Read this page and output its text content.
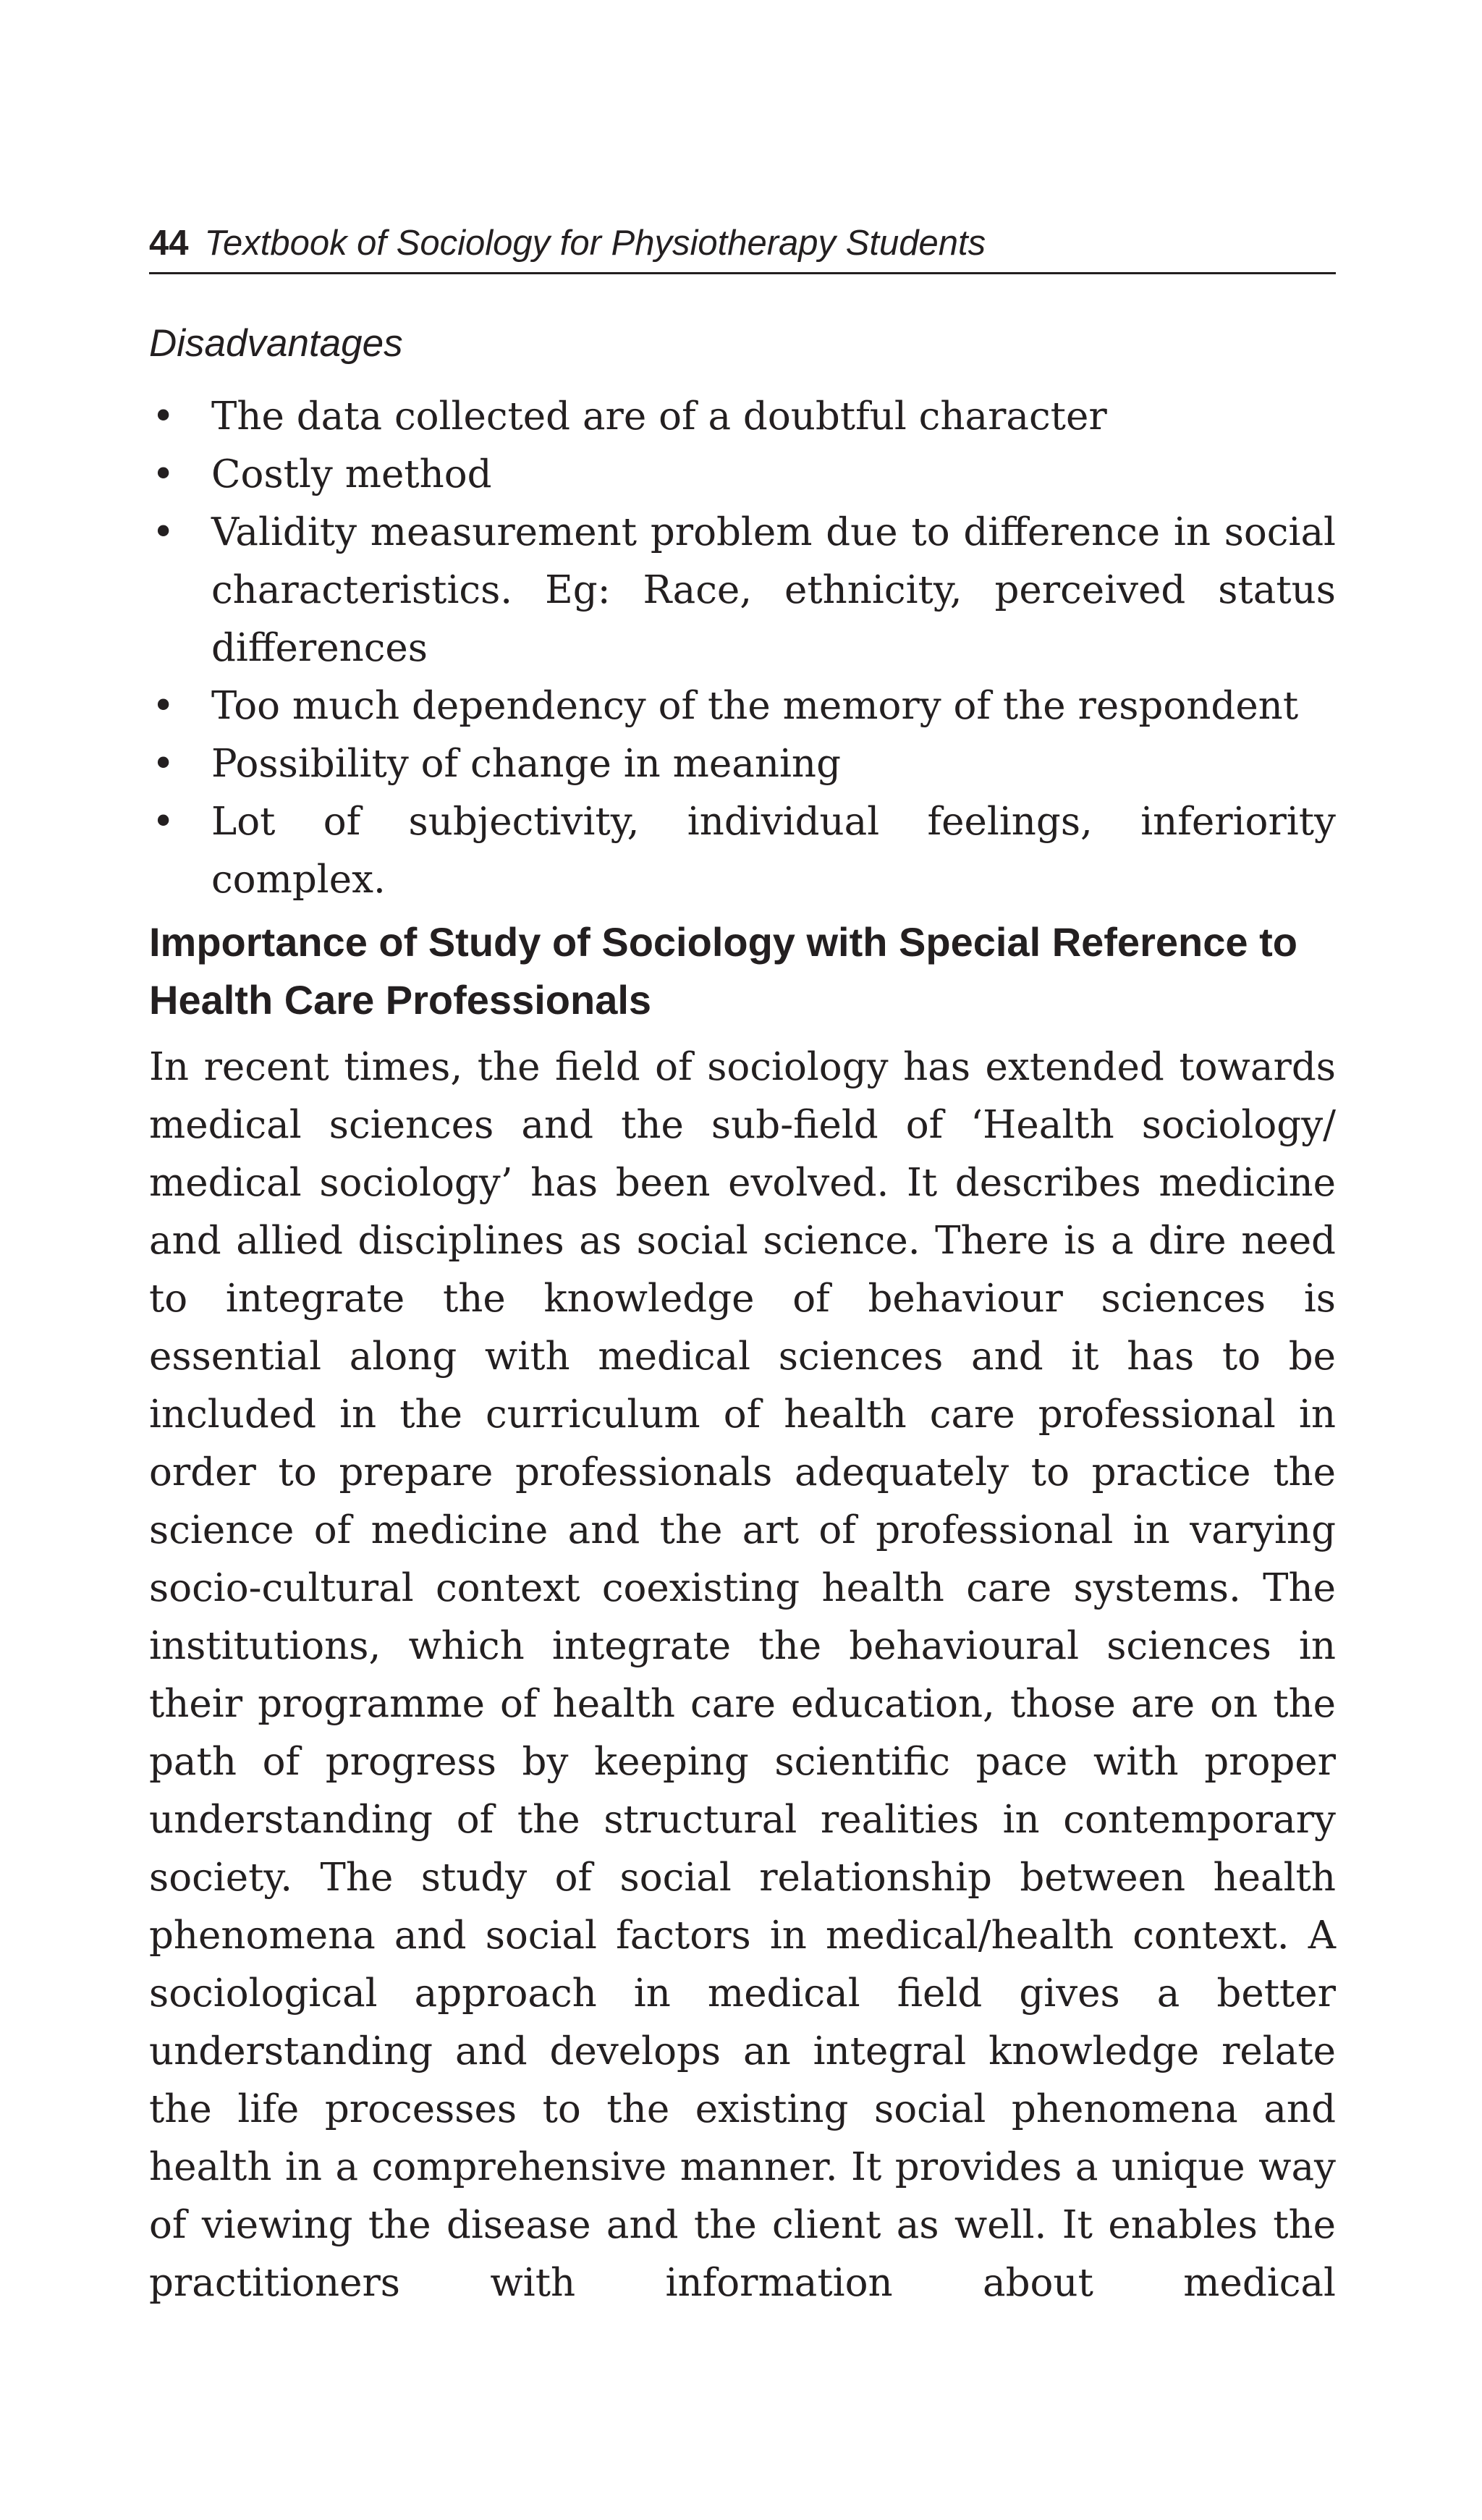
44 Textbook of Sociology for Physiotherapy Students
Disadvantages
• The data collected are of a doubtful character
• Costly method
• Validity measurement problem due to difference in social characteristics. Eg: Race, ethnicity, perceived status differences
• Too much dependency of the memory of the respondent
• Possibility of change in meaning
• Lot of subjectivity, individual feelings, inferiority complex.
Importance of Study of Sociology with Special Reference to Health Care Professionals

In recent times, the field of sociology has extended towards medical sciences and the sub-field of ‘Health sociology/ medical sociology’ has been evolved. It describes medicine and allied disciplines as social science. There is a dire need to integrate the knowledge of behaviour sciences is essential along with medical sciences and it has to be included in the curriculum of health care professional in order to prepare professionals adequately to practice the science of medicine and the art of professional in varying socio-cultural context coexisting health care systems. The institutions, which integrate the behavioural sciences in their programme of health care education, those are on the path of progress by keeping scientific pace with proper understanding of the structural realities in contemporary society. The study of social relationship between health phenomena and social factors in medical/health context. A sociological approach in medical field gives a better understanding and develops an integral knowledge relate the life processes to the existing social phenomena and health in a comprehensive manner. It provides a unique way of viewing the disease and the client as well. It enables the practitioners with information about medical
